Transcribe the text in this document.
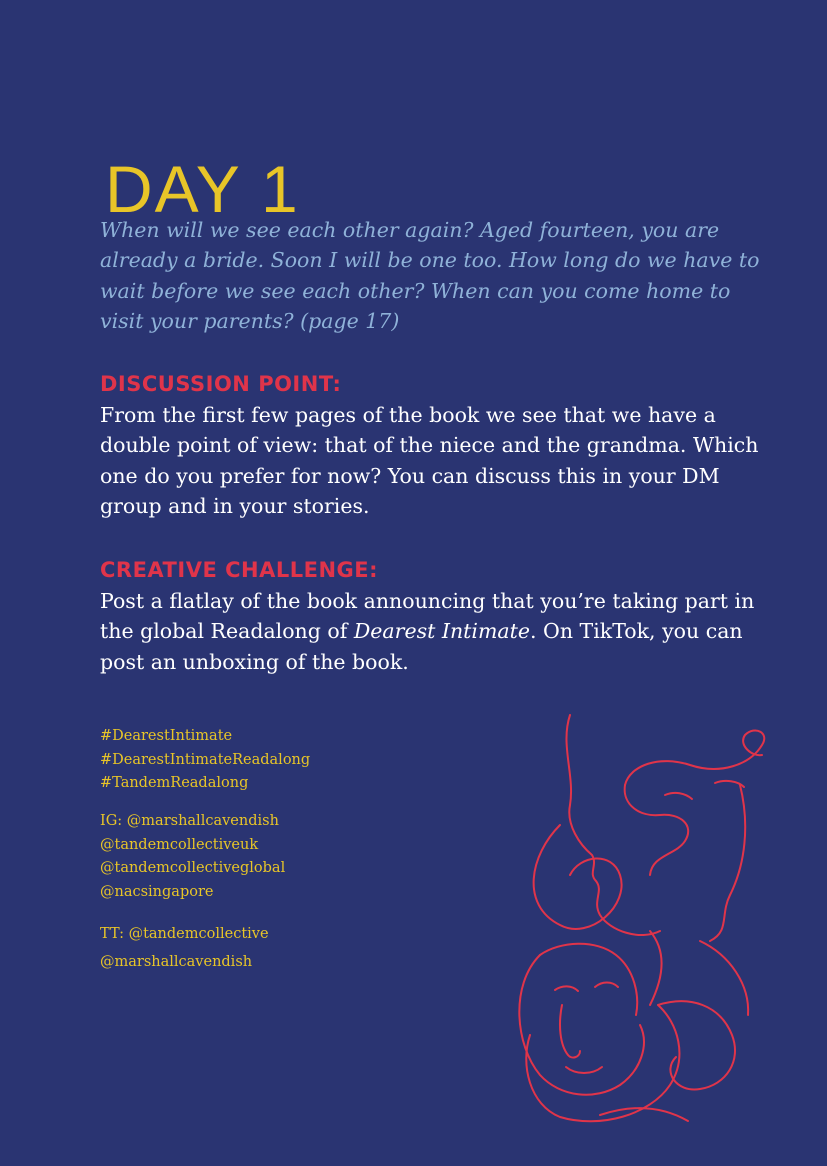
DAY 1
When will we see each other again? Aged fourteen, you are already a bride. Soon I will be one too. How long do we have to wait before we see each other? When can you come home to visit your parents? (page 17)
DISCUSSION POINT:
From the first few pages of the book we see that we have a double point of view: that of the niece and the grandma. Which one do you prefer for now? You can discuss this in your DM group and in your stories.
CREATIVE CHALLENGE:
Post a flatlay of the book announcing that you’re taking part in the global Readalong of Dearest Intimate. On TikTok, you can post an unboxing of the book.
#DearestIntimate
#DearestIntimateReadalong
#TandemReadalong
IG: @marshallcavendish
@tandemcollectiveuk
@tandemcollectiveglobal
@nacsingapore
TT: @tandemcollective
@marshallcavendish
